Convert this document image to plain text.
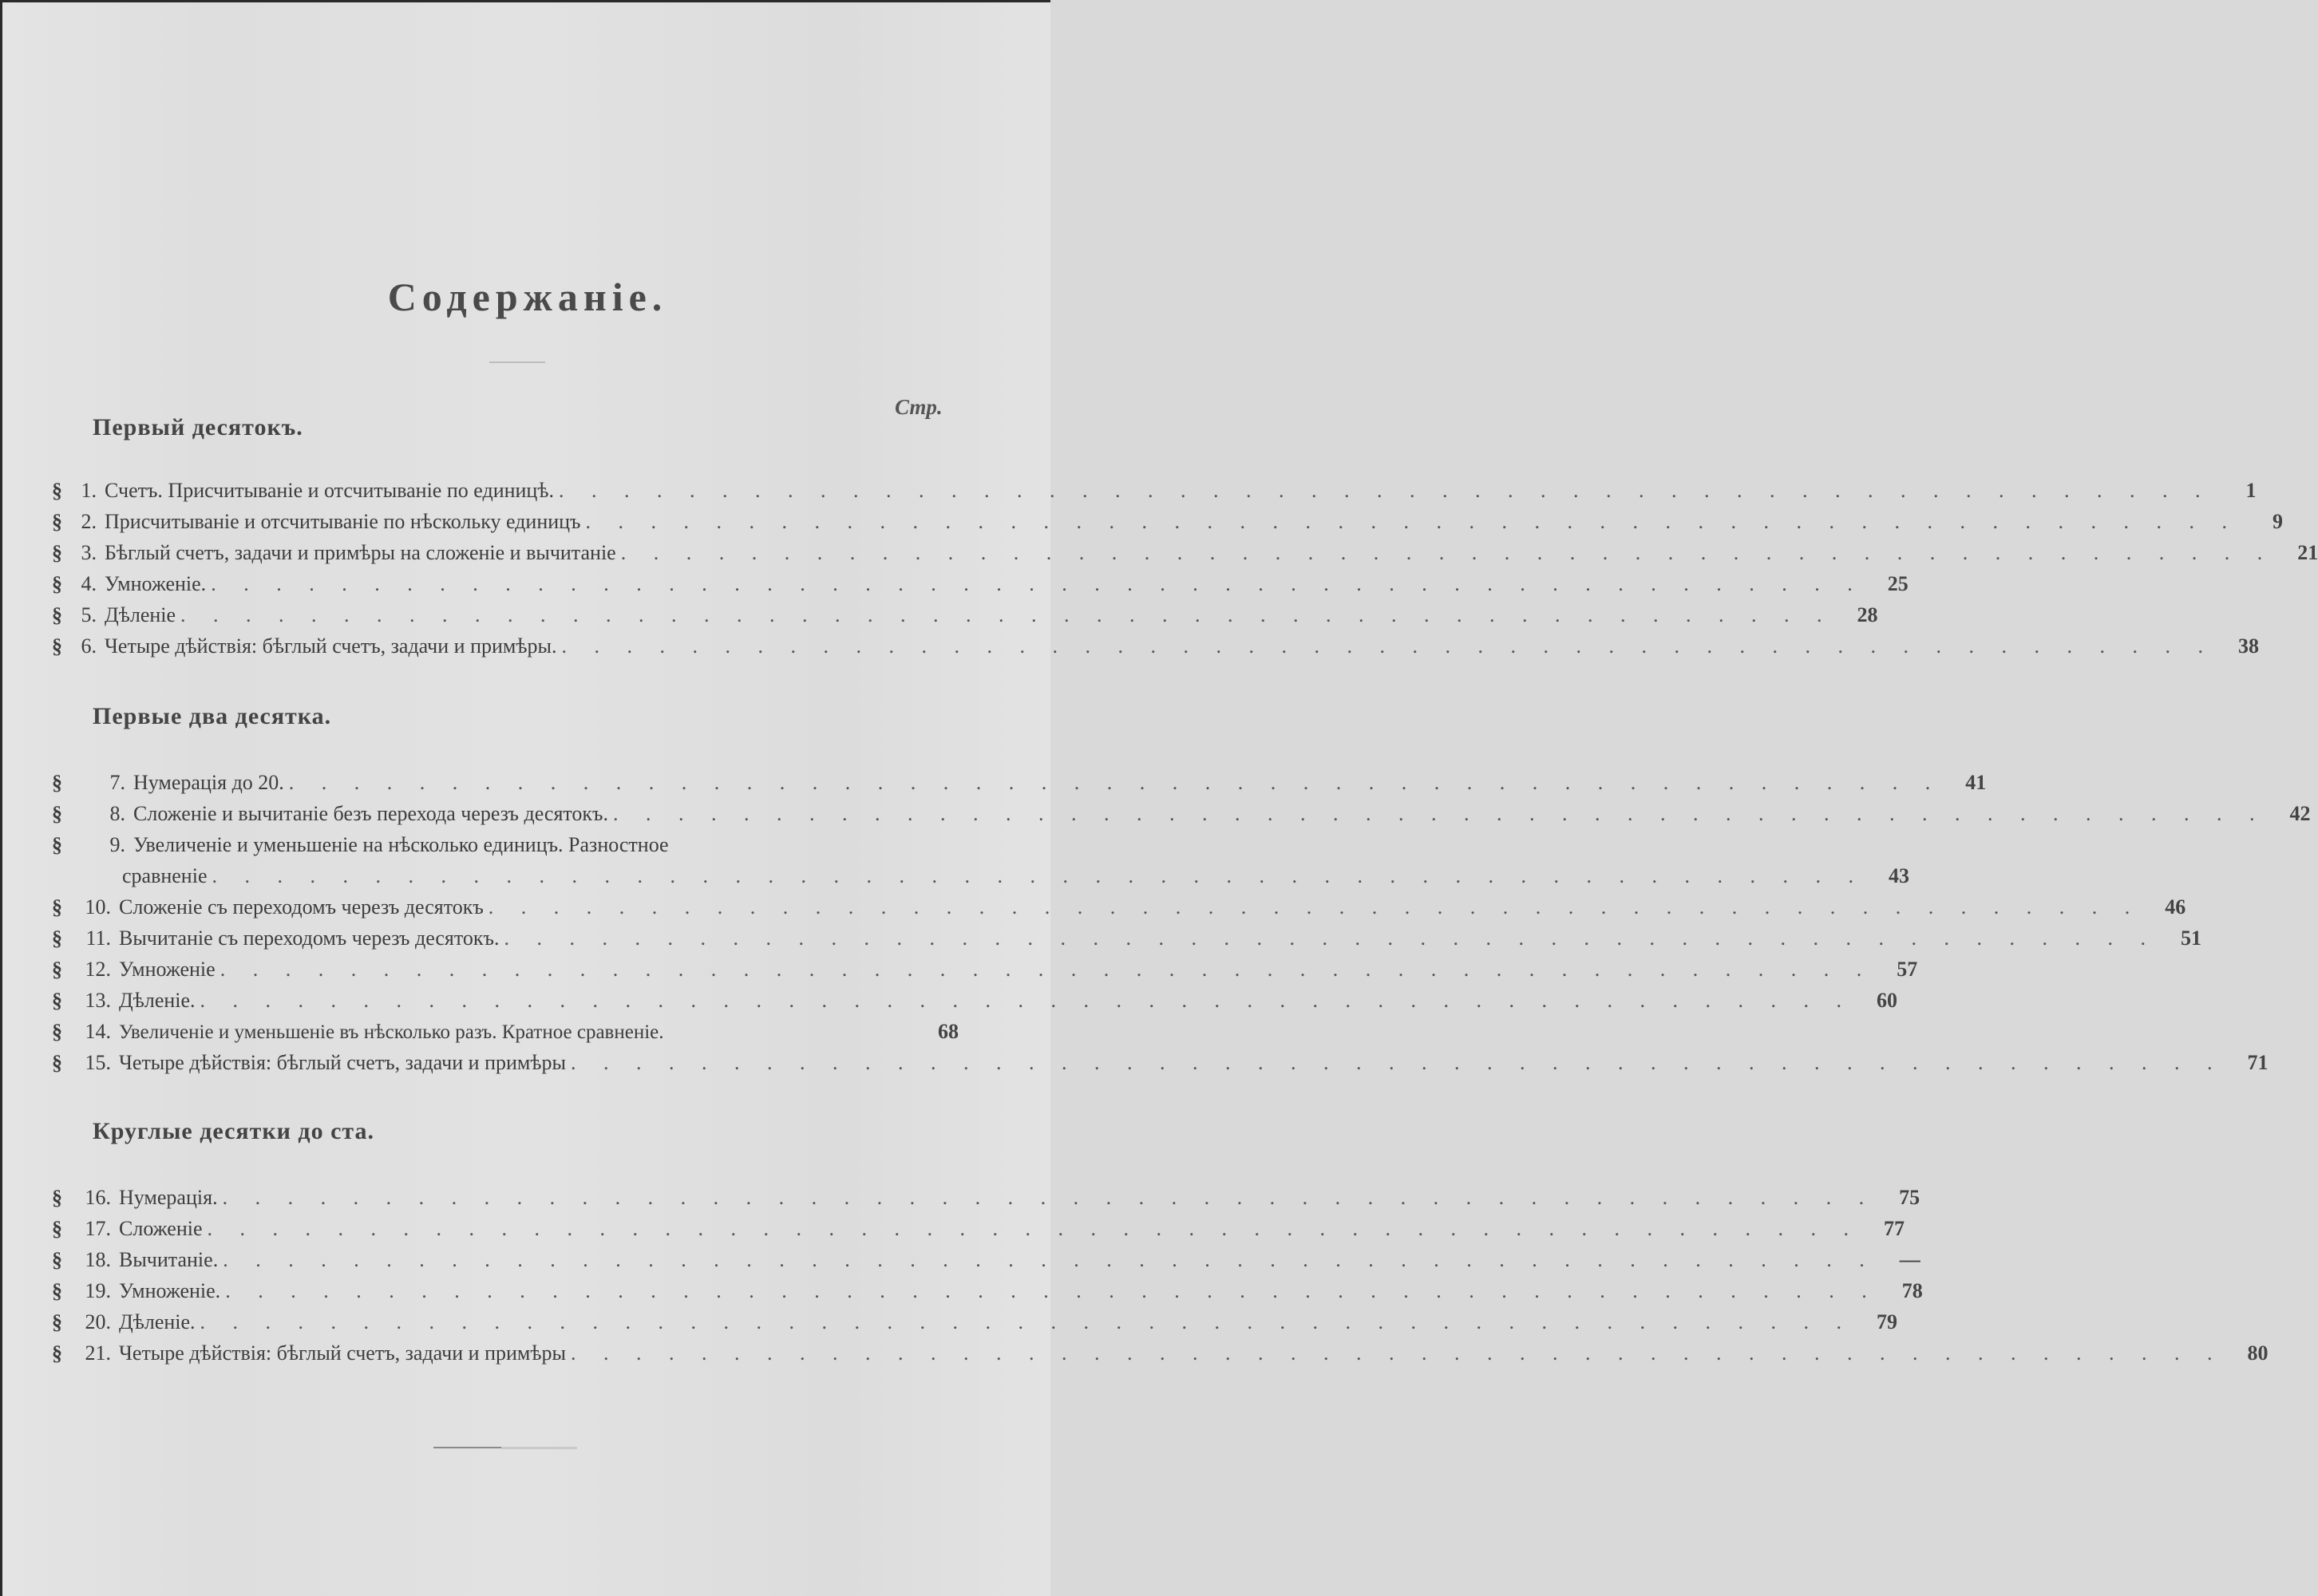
Содержаніе.
Стр.
Первый десятокъ.
§ 1. Счетъ. Присчитываніе и отсчитываніе по единицѣ. . . . . . . . . . . . . . . . . . . . . . . . . . . . . . . . . . . . . . . . . . . . . . . . . . . .	1
§ 2. Присчитываніе и отсчитываніе по нѣскольку единицъ . . . . . . . . . . . . . . . . . . . . . . . . . . . . . . . . . . . . . . . . . . . . . . . . . . .	9
§ 3. Бѣглый счетъ, задачи и примѣры на сложеніе и вычитаніе . . . . . . . . . . . . . . . . . . . . . . . . . . . . . . . . . . . . . . . . . . . . . . . . . . .	21
§ 4. Умноженіе. . . . . . . . . . . . . . . . . . . . . . . . . . . . . . . . . . . . . . . . . . . . . . . . . . . .	25
§ 5. Дѣленіе . . . . . . . . . . . . . . . . . . . . . . . . . . . . . . . . . . . . . . . . . . . . . . . . . . .	28
§ 6. Четыре дѣйствія: бѣглый счетъ, задачи и примѣры. . . . . . . . . . . . . . . . . . . . . . . . . . . . . . . . . . . . . . . . . . . . . . . . . . . .	38
Первые два десятка.
§	7. Нумерація до 20. . . . . . . . . . . . . . . . . . . . . . . . . . . . . . . . . . . . . . . . . . . . . . . . . . . .	41
§	8. Сложеніе и вычитаніе безъ перехода черезъ десятокъ. . . . . . . . . . . . . . . . . . . . . . . . . . . . . . . . . . . . . . . . . . . . . . . . . . . .	42
§	9. Увеличеніе и уменьшеніе на нѣсколько единицъ. Разностное
сравненіе . . . . . . . . . . . . . . . . . . . . . . . . . . . . . . . . . . . . . . . . . . . . . . . . . . .	43
§	10. Сложеніе съ переходомъ черезъ десятокъ . . . . . . . . . . . . . . . . . . . . . . . . . . . . . . . . . . . . . . . . . . . . . . . . . . .	46
§	11. Вычитаніе съ переходомъ черезъ десятокъ. . . . . . . . . . . . . . . . . . . . . . . . . . . . . . . . . . . . . . . . . . . . . . . . . . . .	51
§	12. Умноженіе . . . . . . . . . . . . . . . . . . . . . . . . . . . . . . . . . . . . . . . . . . . . . . . . . . .	57
§	13. Дѣленіе. . . . . . . . . . . . . . . . . . . . . . . . . . . . . . . . . . . . . . . . . . . . . . . . . . . .	60
§	14. Увеличеніе и уменьшеніе въ нѣсколько разъ. Кратное сравненіе.	68
§	15. Четыре дѣйствія: бѣглый счетъ, задачи и примѣры . . . . . . . . . . . . . . . . . . . . . . . . . . . . . . . . . . . . . . . . . . . . . . . . . . .	71
Круглые десятки до ста.
§	16. Нумерація. . . . . . . . . . . . . . . . . . . . . . . . . . . . . . . . . . . . . . . . . . . . . . . . . . . .	75
§	17. Сложеніе . . . . . . . . . . . . . . . . . . . . . . . . . . . . . . . . . . . . . . . . . . . . . . . . . . .	77
§	18. Вычитаніе. . . . . . . . . . . . . . . . . . . . . . . . . . . . . . . . . . . . . . . . . . . . . . . . . . . .	—
§	19. Умноженіе. . . . . . . . . . . . . . . . . . . . . . . . . . . . . . . . . . . . . . . . . . . . . . . . . . . .	78
§	20. Дѣленіе. . . . . . . . . . . . . . . . . . . . . . . . . . . . . . . . . . . . . . . . . . . . . . . . . . . .	79
§	21. Четыре дѣйствія: бѣглый счетъ, задачи и примѣры . . . . . . . . . . . . . . . . . . . . . . . . . . . . . . . . . . . . . . . . . . . . . . . . . . .	80
